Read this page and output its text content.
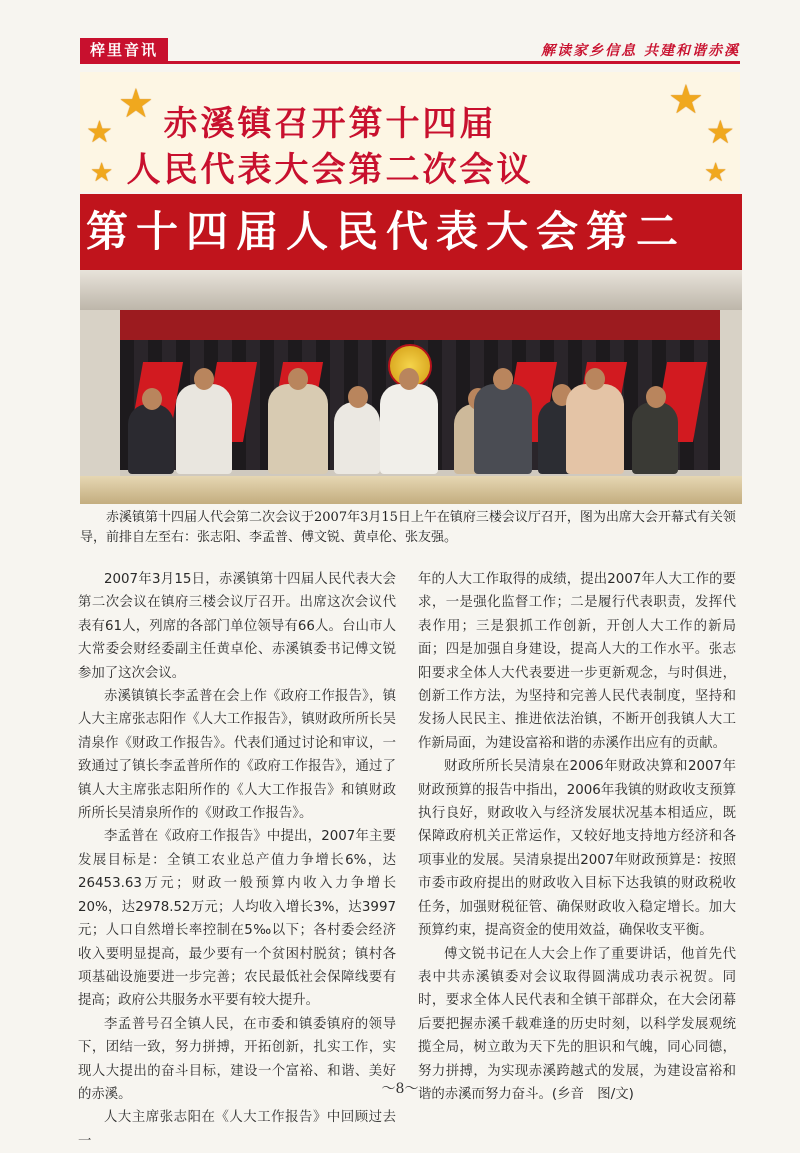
梓里音讯	解读家乡信息 共建和谐赤溪
★
★
★
★
★
★
赤溪镇召开第十四届
人民代表大会第二次会议
第十四届人民代表大会第二
赤溪镇第十四届人代会第二次会议于2007年3月15日上午在镇府三楼会议厅召开，图为出席大会开幕式有关领导，前排自左至右：张志阳、李孟普、傅文锐、黄卓伦、张友强。

2007年3月15日，赤溪镇第十四届人民代表大会第二次会议在镇府三楼会议厅召开。出席这次会议代表有61人，列席的各部门单位领导有66人。台山市人大常委会财经委副主任黄卓伦、赤溪镇委书记傅文锐参加了这次会议。

赤溪镇镇长李孟普在会上作《政府工作报告》，镇人大主席张志阳作《人大工作报告》，镇财政所所长吴清泉作《财政工作报告》。代表们通过讨论和审议，一致通过了镇长李孟普所作的《政府工作报告》，通过了镇人大主席张志阳所作的《人大工作报告》和镇财政所所长吴清泉所作的《财政工作报告》。

李孟普在《政府工作报告》中提出，2007年主要发展目标是：全镇工农业总产值力争增长6%，达26453.63万元；财政一般预算内收入力争增长20%，达2978.52万元；人均收入增长3%，达3997元；人口自然增长率控制在5‰以下；各村委会经济收入要明显提高，最少要有一个贫困村脱贫；镇村各项基础设施要进一步完善；农民最低社会保障线要有提高；政府公共服务水平要有较大提升。

李孟普号召全镇人民，在市委和镇委镇府的领导下，团结一致，努力拼搏，开拓创新，扎实工作，实现人大提出的奋斗目标，建设一个富裕、和谐、美好的赤溪。

人大主席张志阳在《人大工作报告》中回顾过去一

年的人大工作取得的成绩，提出2007年人大工作的要求，一是强化监督工作；二是履行代表职责，发挥代表作用；三是狠抓工作创新，开创人大工作的新局面；四是加强自身建设，提高人大的工作水平。张志阳要求全体人大代表要进一步更新观念，与时俱进，创新工作方法，为坚持和完善人民代表制度，坚持和发扬人民民主、推进依法治镇，不断开创我镇人大工作新局面，为建设富裕和谐的赤溪作出应有的贡献。

财政所所长吴清泉在2006年财政决算和2007年财政预算的报告中指出，2006年我镇的财政收支预算执行良好，财政收入与经济发展状况基本相适应，既保障政府机关正常运作，又较好地支持地方经济和各项事业的发展。吴清泉提出2007年财政预算是：按照市委市政府提出的财政收入目标下达我镇的财政税收任务，加强财税征管、确保财政收入稳定增长。加大预算约束，提高资金的使用效益，确保收支平衡。

傅文锐书记在人大会上作了重要讲话，他首先代表中共赤溪镇委对会议取得圆满成功表示祝贺。同时，要求全体人民代表和全镇干部群众，在大会闭幕后要把握赤溪千载难逢的历史时刻，以科学发展观统揽全局，树立敢为天下先的胆识和气魄，同心同德，努力拼搏，为实现赤溪跨越式的发展，为建设富裕和谐的赤溪而努力奋斗。(乡音　图/文)

～8～
